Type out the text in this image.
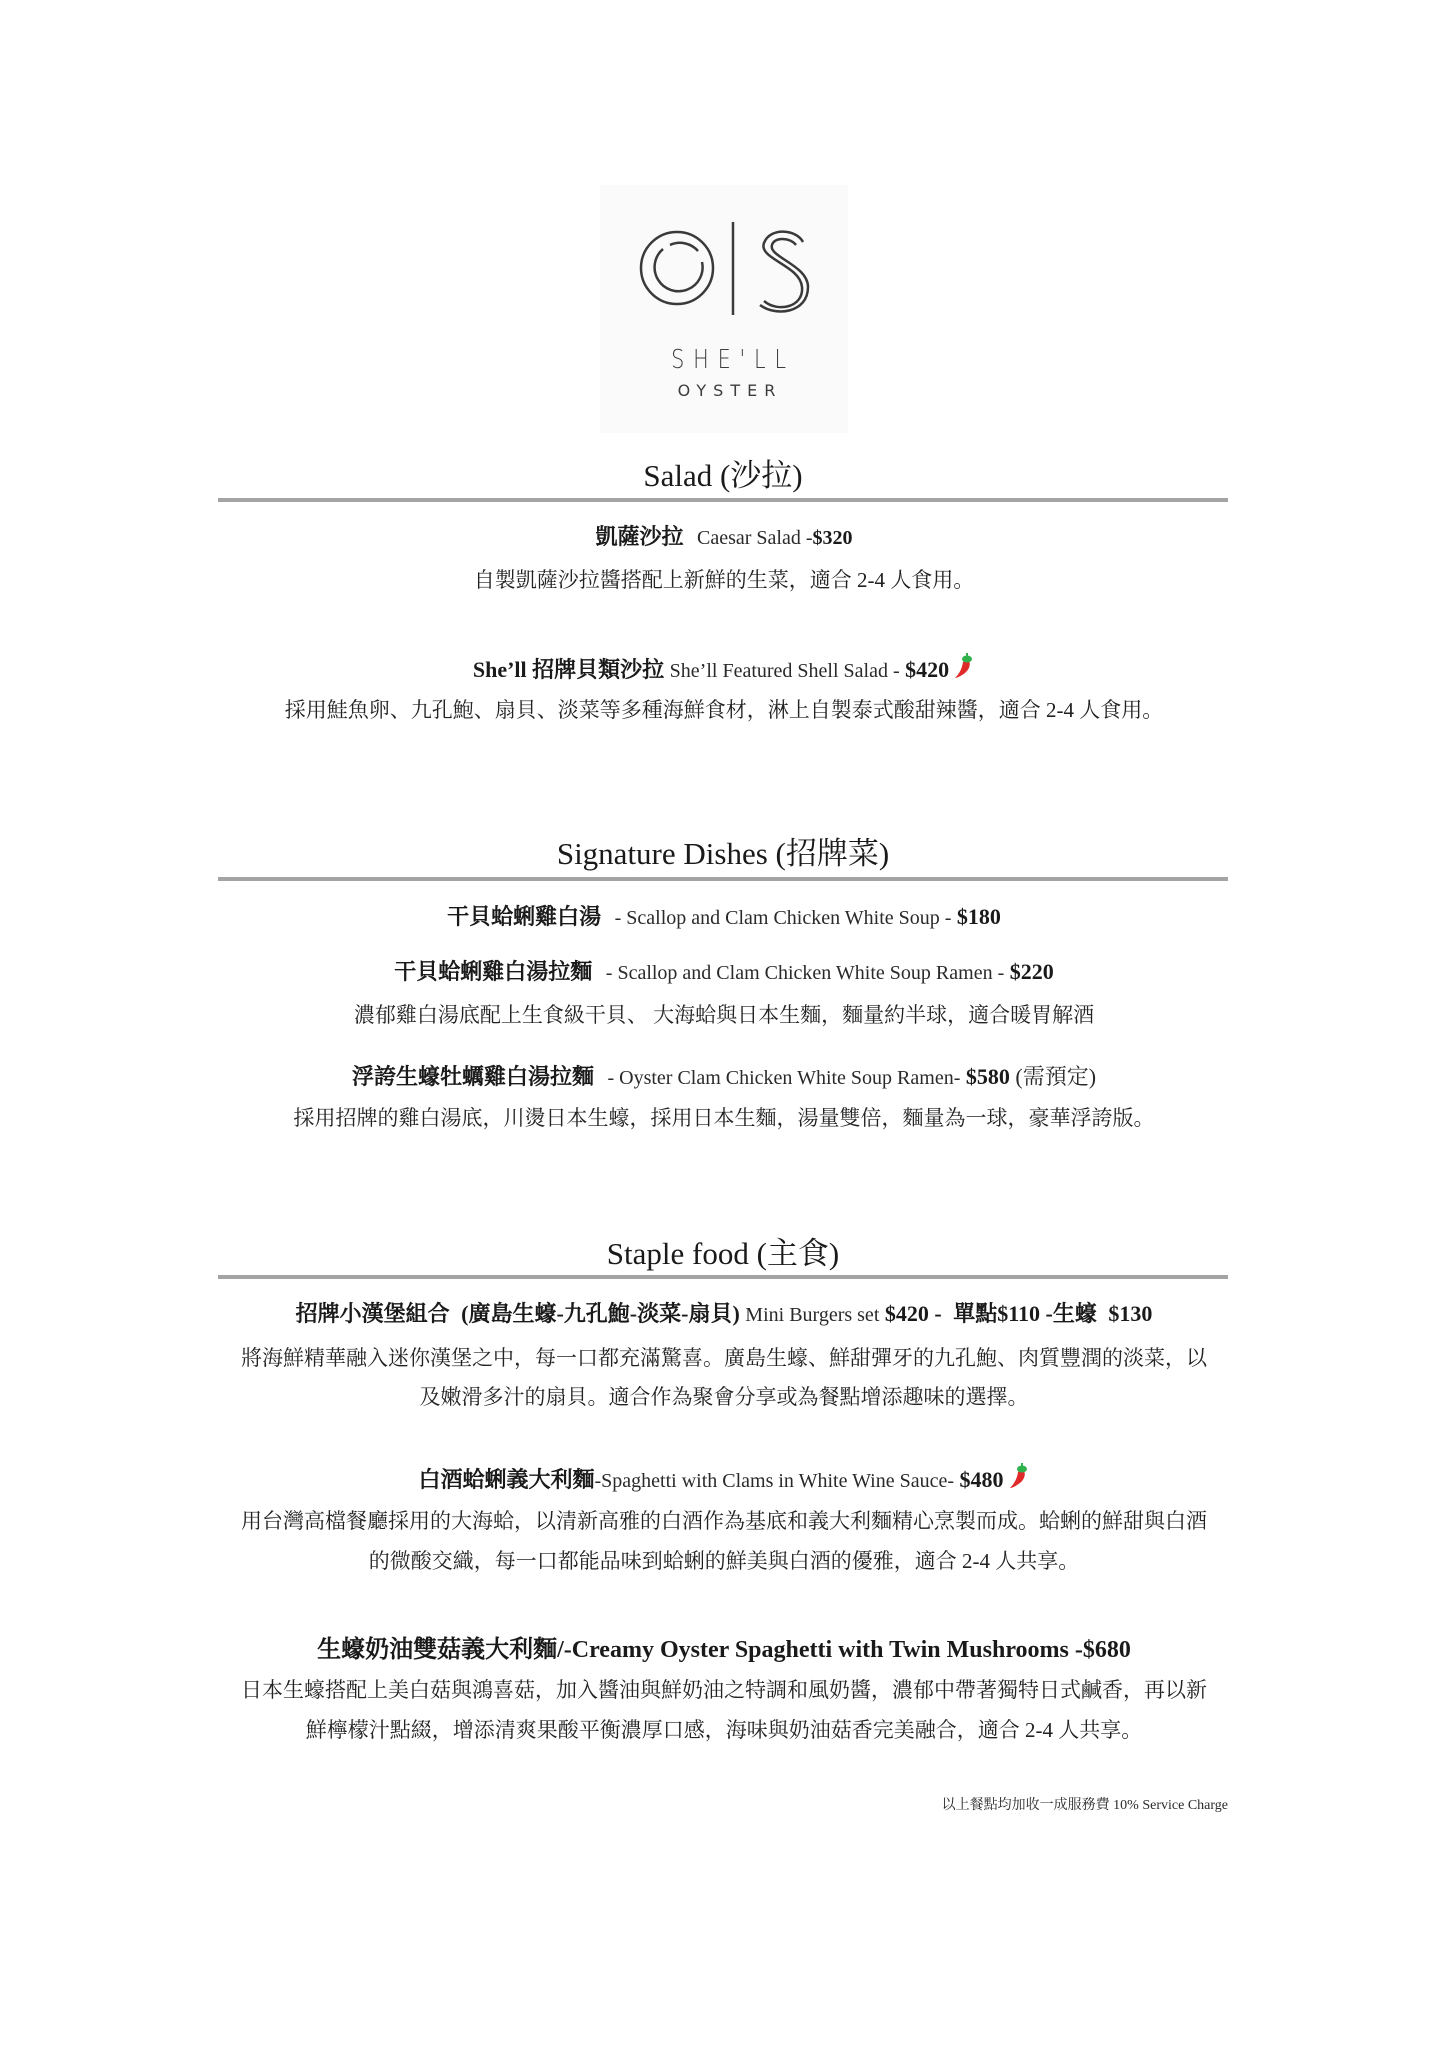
SHE'LL
OYSTER
Salad (沙拉)
凱薩沙拉 Caesar Salad -$320
自製凱薩沙拉醬搭配上新鮮的生菜，適合 2-4 人食用。
She’ll 招牌貝類沙拉 She’ll Featured Shell Salad - $420
採用鮭魚卵、九孔鮑、扇貝、淡菜等多種海鮮食材，淋上自製泰式酸甜辣醬，適合 2-4 人食用。
Signature Dishes (招牌菜)
干貝蛤蜊雞白湯 - Scallop and Clam Chicken White Soup - $180
干貝蛤蜊雞白湯拉麵 - Scallop and Clam Chicken White Soup Ramen - $220
濃郁雞白湯底配上生食級干貝、 大海蛤與日本生麵，麵量約半球，適合暖胃解酒
浮誇生蠔牡蠣雞白湯拉麵 - Oyster Clam Chicken White Soup Ramen- $580 (需預定)
採用招牌的雞白湯底，川燙日本生蠔，採用日本生麵，湯量雙倍，麵量為一球，豪華浮誇版。
Staple food (主食)
招牌小漢堡組合 (廣島生蠔-九孔鮑-淡菜-扇貝) Mini Burgers set $420 - 單點$110 -生蠔 $130
將海鮮精華融入迷你漢堡之中，每一口都充滿驚喜。廣島生蠔、鮮甜彈牙的九孔鮑、肉質豐潤的淡菜，以
及嫩滑多汁的扇貝。適合作為聚會分享或為餐點增添趣味的選擇。
白酒蛤蜊義大利麵-Spaghetti with Clams in White Wine Sauce- $480
用台灣高檔餐廳採用的大海蛤，以清新高雅的白酒作為基底和義大利麵精心烹製而成。蛤蜊的鮮甜與白酒
的微酸交織，每一口都能品味到蛤蜊的鮮美與白酒的優雅，適合 2-4 人共享。
生蠔奶油雙菇義大利麵/-Creamy Oyster Spaghetti with Twin Mushrooms -$680
日本生蠔搭配上美白菇與鴻喜菇，加入醬油與鮮奶油之特調和風奶醬，濃郁中帶著獨特日式鹹香，再以新
鮮檸檬汁點綴，增添清爽果酸平衡濃厚口感，海味與奶油菇香完美融合，適合 2-4 人共享。
以上餐點均加收一成服務費 10% Service Charge
